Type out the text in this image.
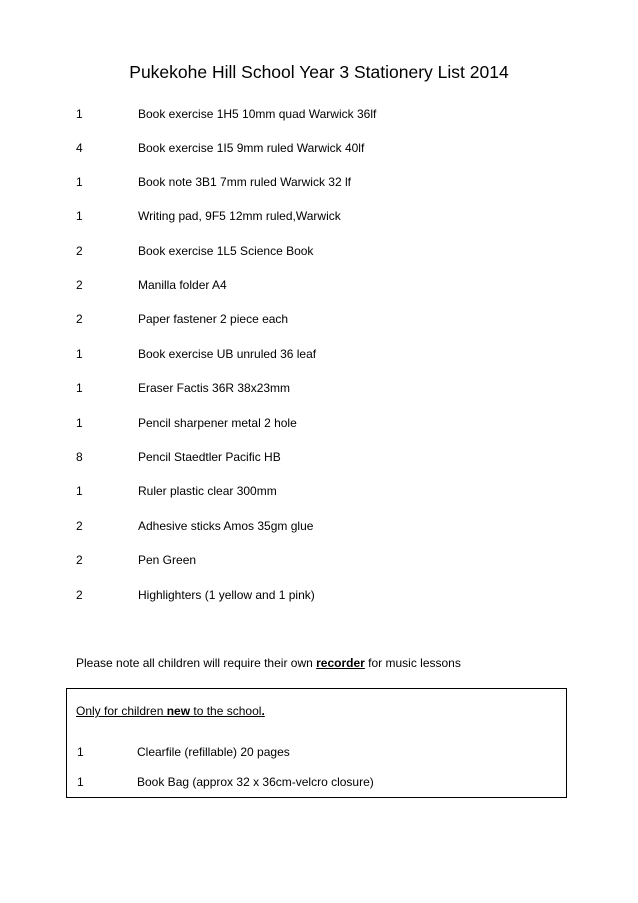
Pukekohe Hill School Year 3 Stationery List 2014
1	Book exercise 1H5 10mm quad Warwick 36lf
4	Book exercise 1I5 9mm ruled Warwick 40lf
1	Book note 3B1 7mm ruled Warwick 32 lf
1	Writing pad, 9F5 12mm ruled,Warwick
2	Book exercise 1L5 Science Book
2	Manilla folder A4
2	Paper fastener 2 piece each
1	Book exercise UB unruled 36 leaf
1	Eraser Factis 36R 38x23mm
1	Pencil sharpener metal 2 hole
8	Pencil Staedtler Pacific HB
1	Ruler plastic clear 300mm
2	Adhesive sticks Amos 35gm glue
2	Pen Green
2	Highlighters (1 yellow and 1 pink)
Please note all children will require their own recorder for music lessons
Only for children new to the school.
1	Clearfile (refillable) 20 pages
1	Book Bag (approx 32 x 36cm-velcro closure)
